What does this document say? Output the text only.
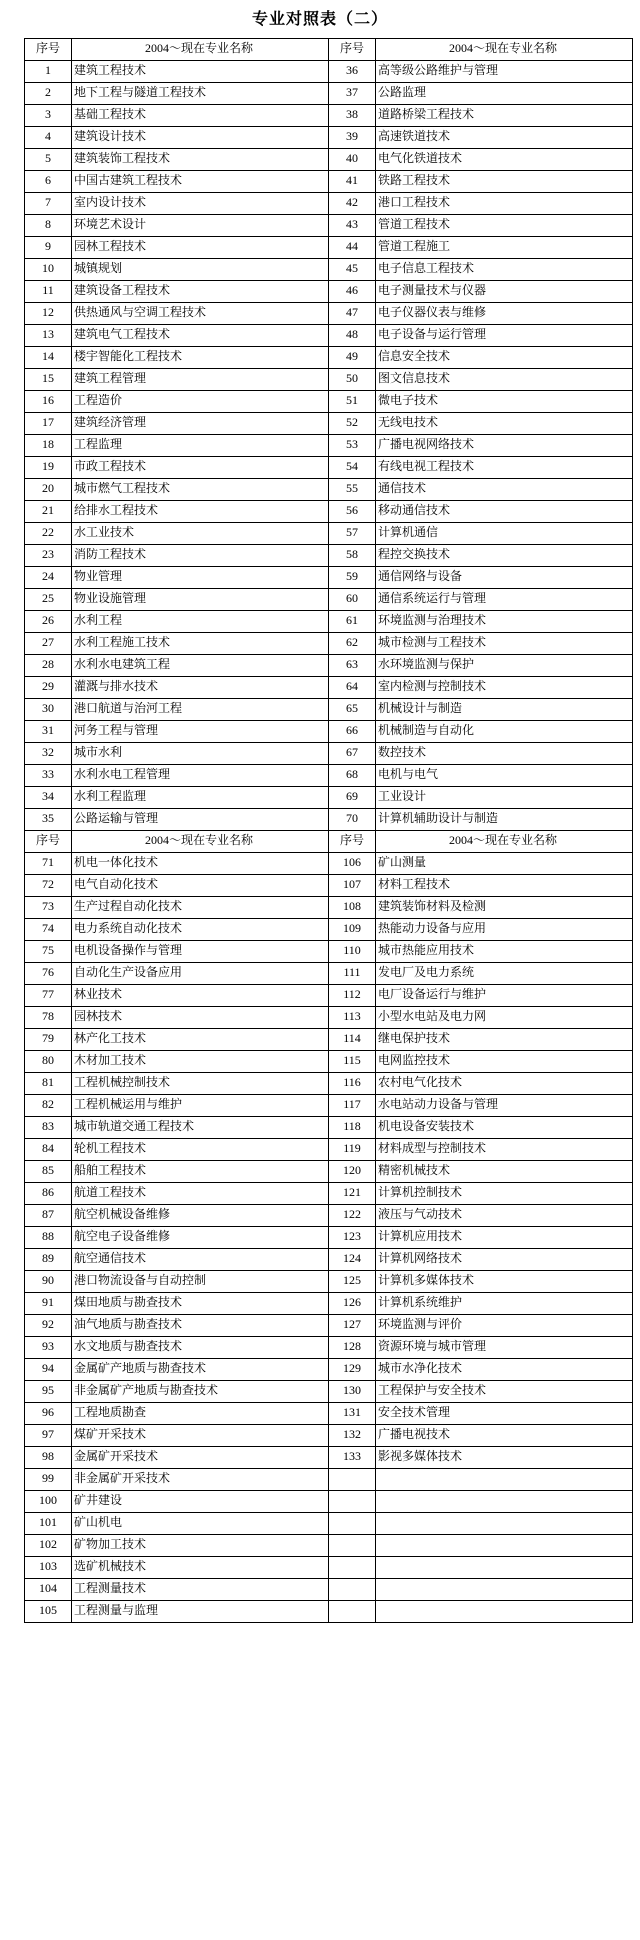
专业对照表（二）
序号	2004～现在专业名称	序号	2004～现在专业名称
1	建筑工程技术	36	高等级公路维护与管理
2	地下工程与隧道工程技术	37	公路监理
3	基础工程技术	38	道路桥梁工程技术
4	建筑设计技术	39	高速铁道技术
5	建筑装饰工程技术	40	电气化铁道技术
6	中国古建筑工程技术	41	铁路工程技术
7	室内设计技术	42	港口工程技术
8	环境艺术设计	43	管道工程技术
9	园林工程技术	44	管道工程施工
10	城镇规划	45	电子信息工程技术
11	建筑设备工程技术	46	电子测量技术与仪器
12	供热通风与空调工程技术	47	电子仪器仪表与维修
13	建筑电气工程技术	48	电子设备与运行管理
14	楼宇智能化工程技术	49	信息安全技术
15	建筑工程管理	50	图文信息技术
16	工程造价	51	微电子技术
17	建筑经济管理	52	无线电技术
18	工程监理	53	广播电视网络技术
19	市政工程技术	54	有线电视工程技术
20	城市燃气工程技术	55	通信技术
21	给排水工程技术	56	移动通信技术
22	水工业技术	57	计算机通信
23	消防工程技术	58	程控交换技术
24	物业管理	59	通信网络与设备
25	物业设施管理	60	通信系统运行与管理
26	水利工程	61	环境监测与治理技术
27	水利工程施工技术	62	城市检测与工程技术
28	水利水电建筑工程	63	水环境监测与保护
29	灌溉与排水技术	64	室内检测与控制技术
30	港口航道与治河工程	65	机械设计与制造
31	河务工程与管理	66	机械制造与自动化
32	城市水利	67	数控技术
33	水利水电工程管理	68	电机与电气
34	水利工程监理	69	工业设计
35	公路运输与管理	70	计算机辅助设计与制造
序号	2004～现在专业名称	序号	2004～现在专业名称
71	机电一体化技术	106	矿山测量
72	电气自动化技术	107	材料工程技术
73	生产过程自动化技术	108	建筑装饰材料及检测
74	电力系统自动化技术	109	热能动力设备与应用
75	电机设备操作与管理	110	城市热能应用技术
76	自动化生产设备应用	111	发电厂及电力系统
77	林业技术	112	电厂设备运行与维护
78	园林技术	113	小型水电站及电力网
79	林产化工技术	114	继电保护技术
80	木材加工技术	115	电网监控技术
81	工程机械控制技术	116	农村电气化技术
82	工程机械运用与维护	117	水电站动力设备与管理
83	城市轨道交通工程技术	118	机电设备安装技术
84	轮机工程技术	119	材料成型与控制技术
85	船舶工程技术	120	精密机械技术
86	航道工程技术	121	计算机控制技术
87	航空机械设备维修	122	液压与气动技术
88	航空电子设备维修	123	计算机应用技术
89	航空通信技术	124	计算机网络技术
90	港口物流设备与自动控制	125	计算机多媒体技术
91	煤田地质与勘查技术	126	计算机系统维护
92	油气地质与勘查技术	127	环境监测与评价
93	水文地质与勘查技术	128	资源环境与城市管理
94	金属矿产地质与勘查技术	129	城市水净化技术
95	非金属矿产地质与勘查技术	130	工程保护与安全技术
96	工程地质勘查	131	安全技术管理
97	煤矿开采技术	132	广播电视技术
98	金属矿开采技术	133	影视多媒体技术
99	非金属矿开采技术		
100	矿井建设		
101	矿山机电		
102	矿物加工技术		
103	选矿机械技术		
104	工程测量技术		
105	工程测量与监理		
